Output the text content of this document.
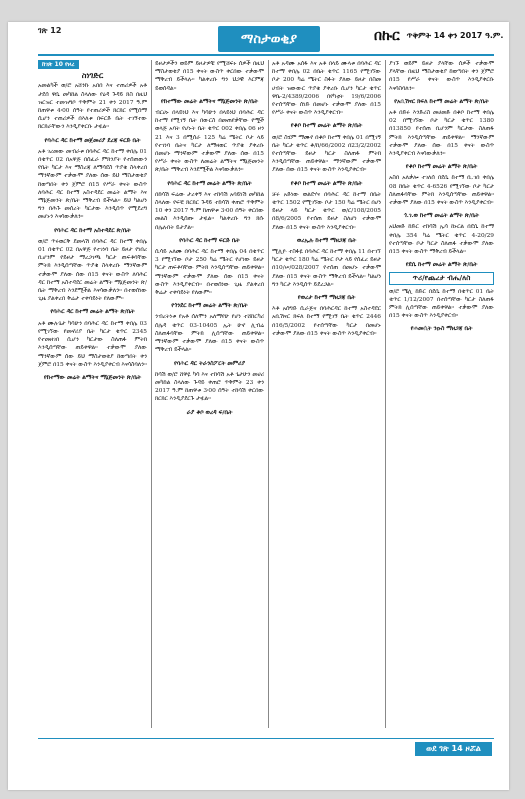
ገጽ 12
ማስታወቂያ	በኩር ጥቅምት 14 ቀን 2017 ዓ.ም.
ከገጽ 10 የዞረ
ስነገድር
አመልካች ወ/ሮ አሸንኩ አበበ እና ተጠሪዎች አቶ ታደሰ ዋሴ መካከል ስላለው የዕዳ ጉዳይ ክስ በዚህ ዝርዝር ተመዝግቦ ጥቅምት 21 ቀን 2017 ዓ.ም ከጠዋቱ 4፡00 ሰዓት የተጠሪዎች ክርክር የሚሰማ ሲሆን ተጠሪዎች በእለቱ በፍርድ ቤት ተገኝተው ክርክራቸውን እንዲያቀርቡ ታዟል።
የባሕር ዳር ከተማ መጀመሪያ ደረጃ ፍርድ ቤት
አቶ ገረመው መብራቱ በባሕር ዳር ከተማ ቀበሌ 01 በቁጥር 02 በአዋጅ በሰፈራ ምክንያት የተሰጠውን የቤት ካርታ እና ማስረጃ ለማሳደስ ጥያቄ ስላቀረበ ማንኛውም ተቃውሞ ያለው ሰው ይህ ማስታወቂያ ከወጣበት ቀን ጀምሮ በ15 የሥራ ቀናት ውስጥ ለባሕር ዳር ከተማ አስተዳደር መሬት ልማት እና ማኔጅመንት ጽ/ቤት ማቅረብ ይችላል። ይህ ካልሆነ ግን በሕጉ መሰረት ካርታው እንዲሰጥ የሚደረግ መሆኑን እናሳውቃለን።
የባሕር ዳር ከተማ አስተዳደር ጽ/ቤት
ወ/ሮ ጥሩወርቅ ደመላሽ በባሕር ዳር ከተማ ቀበሌ 01 በቁጥር 02 በአዋጅ የተገነባ ቤት ይዞታ የነበረ ቢሆንም የይዞታ ማረጋገጫ ካርታ ጠፍቶባቸው ምትክ እንዲሰጣቸው ጥያቄ ስላቀረቡ ማንኛውም ተቃውሞ ያለው ሰው በ15 ቀናት ውስጥ ለባሕር ዳር ከተማ አስተዳደር መሬት ልማት ማኔጅመንት ጽ/ቤት ማቅረብ እንደሚችል እናሳውቃለን። በተወሰነው ጊዜ ያልቀረበ ቅሬታ ተቀባይነት የለውም።
የባሕር ዳር ከተማ መሬት ልማት ጽ/ቤት
አቶ ሙሉጌታ ካሳሁን በባሕር ዳር ከተማ ቀበሌ 03 የሚገኘው የመኖሪያ ቤት ካርታ ቁጥር 2345 የተመዘገበ ሲሆን ካርታው ስለጠፋ ምትክ እንዲሰጣቸው ጠይቀዋል። ተቃውሞ ያለው ማንኛውም ሰው ይህ ማስታወቂያ ከወጣበት ቀን ጀምሮ በ15 ቀናት ውስጥ እንዲያቀርብ እናሳስባለን።
የከተማው መሬት ልማትና ማኔጅመንት ጽ/ቤት
ይዞታዎችን ወይም ይዞታዎቹ የሚሸፍኑ ሰዎች በዚህ ማስታወቂያ በ15 ቀናት ውስጥ ቀርበው ተቃውሞ ማቅረብ ይችላሉ። ካልቀረቡ ግን ህጋዊ እርምጃ ይወሰዳል።
የከተማው መሬት ልማትና ማኔጅመንት ጽ/ቤት
ብርሀኑ በላይነህ እና ካሳሁን በላይነህ በባሕር ዳር ከተማ የሚገኝ ቤት በውርስ በመጠየቃቸው የሟች ወላጅ አባት የሆኑት ቤት ቁጥር 002 ቀበሌ 06 ዞን 21 እና 3 በሚሰራ 125 ካሬ ሜትር ቦታ ላይ የተገነባ ቤትና ካርታ ለማዛወር ጥያቄ ያቀረቡ በመሆኑ ማንኛውም ተቃውሞ ያለው ሰው በ15 የሥራ ቀናት ውስጥ ለመሬት ልማትና ማኔጅመንት ጽ/ቤት ማቅረብ እንደሚችል እናሳውቃለን።
የባሕር ዳር ከተማ መሬት ልማት ጽ/ቤት
በከሳሽ ፍሬው ታረቀኝ እና ተከሳሽ አባይነሽ መካከል ስላለው የፍቺ ክርክር ጉዳይ ተከሳሽ ቀጠሮ ጥቅምት 10 ቀን 2017 ዓ.ም ከጠዋቱ 3፡00 ሰዓት ቀርበው መልስ እንዲሰጡ ታዟል። ካልቀረቡ ግን ክሱ በሌሉበት ይታያል።
የባሕር ዳር ከተማ ፍርድ ቤት
ሲሳይ አለሙ በባሕር ዳር ከተማ ቀበሌ 04 በቁጥር 3 የሚገኘው ቦታ 250 ካሬ ሜትር የሆነው ይዞታ ካርታ ጠፍቶባቸው ምትክ እንዲሰጣቸው ጠይቀዋል። ማንኛውም ተቃውሞ ያለው ሰው በ15 ቀናት ውስጥ እንዲያቀርብ። በተወሰነው ጊዜ ያልቀረበ ቅሬታ ተቀባይነት የለውም።
የጎንደር ከተማ መሬት ልማት ጽ/ቤት
ንብረትነቱ የአቶ ሰለሞን አለማየሁ የሆነ ተሸከርካሪ ሰሌዳ ቁጥር 03-10405 ኢት ሁኖ ሊብሬ ስለጠፋባቸው ምትክ ሊሰጣቸው ጠይቀዋል። ማንኛውም ተቃውሞ ያለው በ15 ቀናት ውስጥ ማቅረብ ይችላል።
የባሕር ዳር ትራንስፖርት መምሪያ
ከሳሽ ወ/ሮ ሸዋዬ ካሳ እና ተከሳሽ አቶ ጌታሁን መሀሪ መካከል ስላለው ጉዳይ ቀጠሮ ጥቅምት 23 ቀን 2017 ዓ.ም ከጠዋቱ 3፡00 ሰዓት ተከሳሽ ቀርበው ክርክር እንዲያደርጉ ታዟል።
ራያ ቆቦ ወረዳ ፍ/ቤት
አቶ አዳሙ አሰፋ እና አቶ በላይ ሙላቱ በባሕር ዳር ከተማ ቀበሌ 02 በቤት ቁጥር 1165 የሚገኘው ቦታ 200 ካሬ ሜትር ስፋት ያለው ይዞታ በስመ ሀብት ዝውውር ጥያቄ ያቀረቡ ሲሆን ካርታ ቁጥር ዋቤ-2/4389/2006 በየካቲት 19/6/2006 የተሰጣቸው ሰነድ በመሆኑ ተቃውሞ ያለው በ15 የሥራ ቀናት ውስጥ እንዲያቀርብ።
የቆቦ ከተማ መሬት ልማት ጽ/ቤት
ወ/ሮ ስሂም ማሙየ በቆቦ ከተማ ቀበሌ 01 በሚገኝ ቤት ካርታ ቁጥር ቆ/ከ/66/2002 በ23/2/2002 የተሰጣቸው ይዞታ ካርታ ስለጠፋ ምትክ እንዲሰጣቸው ጠይቀዋል። ማንኛውም ተቃውሞ ያለው ሰው በ15 ቀናት ውስጥ እንዲያቀርብ።
የቆቦ ከተማ መሬት ልማት ጽ/ቤት
ቻሩ አድነው ወልደሃና በባሕር ዳር ከተማ በቤት ቁጥር 1502 የሚገኘው ቦታ 150 ካሬ ሜትር በሆነ ይዞታ ላይ ካርታ ቁጥር ወ/ር/108/2005 በ8/6/2005 የተሰጠ ይዞታ ስለሆነ ተቃውሞ ያለው በ15 ቀናት ውስጥ እንዲያቀርብ።
ወረኢሉ ከተማ ማዘጋጃ ቤት
ሚሊዮ ተስፋዬ በባሕር ዳር ከተማ ቀበሌ 11 በተገኘ ካርታ ቁጥር 180 ካሬ ሜትር ቦታ ላይ የሰፈረ ይዞታ በ10/ሠ/028/2007 የተሰጠ በመሆኑ ተቃውሞ ያለው በ15 ቀናት ውስጥ ማቅረብ ይችላል። ካልሆነ ግን ካርታ እንዲሰጥ ይደረጋል።
የወረታ ከተማ ማዘጋጃ ቤት
እቶ አሰግድ ሲራጅና በባሕርዳር ከተማ አስተዳደር አቢሽናር ክፍለ ከተማ የሚገኝ ቤት ቁጥር 2446 በ16/5/2002 የተሰጣቸው ካርታ በመሆኑ ተቃውሞ ያለው በ15 ቀናት ውስጥ እንዲያቀርብ።
ያገኙ ወይም ይዞታ ያላቸው ሰዎች ተቃውሞ ያላቸው በዚህ ማስታወቂያ ከወጣበት ቀን ጀምሮ በ15 የሥራ ቀናት ውስጥ እንዲያቀርቡ እናሳስባለን።
የአቢሽናር ክፍለ ከተማ መሬት ልማት ጽ/ቤት
አቶ በድሩ እንድሪስ መሀመድ በቆቦ ከተማ ቀበሌ 02 በሚገኘው ቦታ ካርታ ቁጥር 1380 በ13850 የተሰጠ ቢሆንም ካርታው ስለጠፋ ምትክ እንዲሰጣቸው ጠይቀዋል። ማንኛውም ተቃውሞ ያለው ሰው በ15 ቀናት ውስጥ እንዲያቀርብ እናሳውቃለን።
የቆቦ ከተማ መሬት ልማት ጽ/ቤት
አስበ አለቃሎ ተገለሰ በደሴ ከተማ ቢ.ገበ ቀበሌ 08 ከቤት ቁጥር 4-6526 የሚገኘው ቦታ ካርታ ስለጠፋባቸው ምትክ እንዲሰጣቸው ጠይቀዋል። ተቃውሞ ያለው በ15 ቀናት ውስጥ እንዲያቀርብ።
ጎ.ገ.ወ ከተማ መሬት ልማት ጽ/ቤት
አህመድ ከድር ተከሳሽ ኢሳ ከኑርል በደሴ ከተማ ቀበሌ 354 ካሬ ሜትር ቁጥር 4-20/29 የተሰጣቸው ቦታ ካርታ ስለጠፋ ተቃውሞ ያለው በ15 ቀናት ውስጥ ማቅረብ ይችላል።
የደሴ ከተማ መሬት ልማት ጽ/ቤት
ጥሪ/የጨረታ ብሔ/ለስ
ወ/ሮ ሜሊ ከድር በደሴ ከተማ በቁጥር 01 ቤት ቁጥር 1/12/2007 በተሰጣቸው ካርታ ስለጠፋ ምትክ ሊሰጣቸው ጠይቀዋል። ተቃውሞ ያለው በ15 ቀናት ውስጥ እንዲያቀርብ።
የሐመሲት ንዑስ ማዘጋጃ ቤት
ወደ ገጽ 14 ዞሯል
